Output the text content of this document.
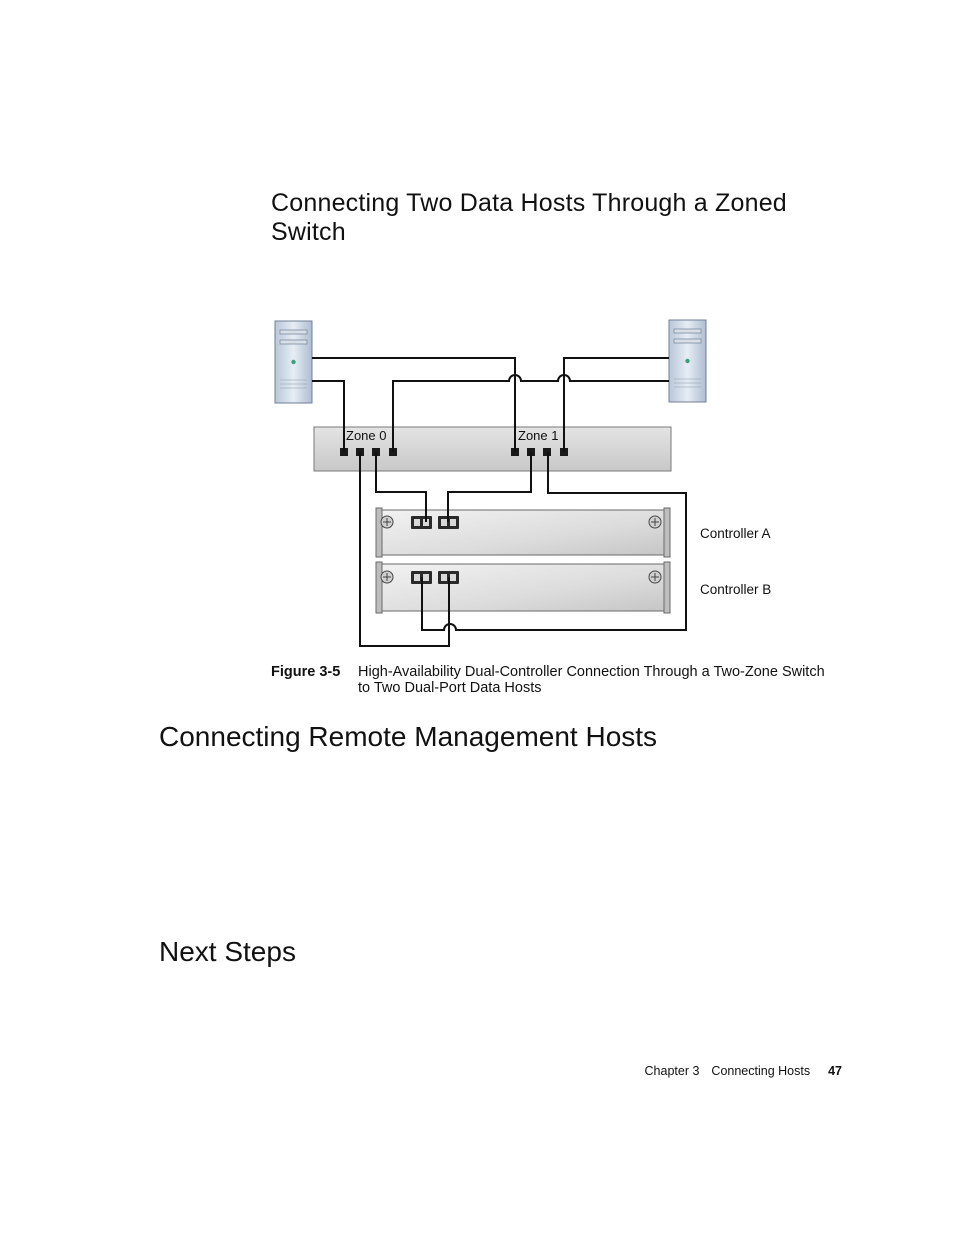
Connecting Two Data Hosts Through a Zoned Switch
Zone 0	Zone 1
Controller A
Controller B
Figure 3-5 High-Availability Dual-Controller Connection Through a Two-Zone Switch to Two Dual-Port Data Hosts
Connecting Remote Management Hosts
Next Steps
Chapter 3 Connecting Hosts 47
